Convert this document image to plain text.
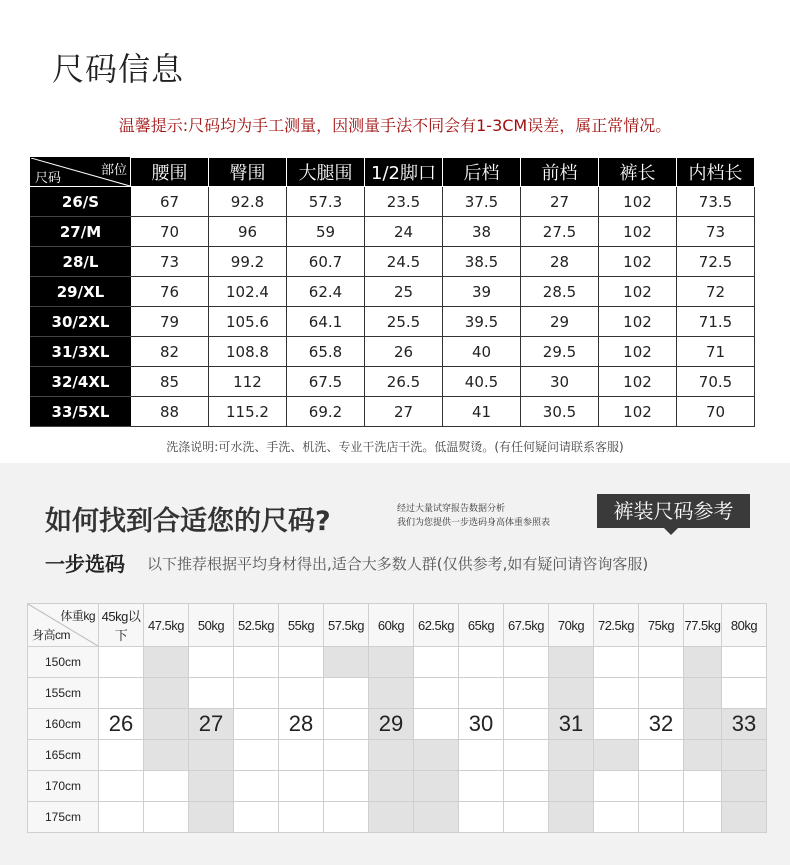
尺码信息
温馨提示:尺码均为手工测量，因测量手法不同会有1-3CM误差，属正常情况。
部位
尺码	腰围	臀围	大腿围	1/2脚口	后档	前档	裤长	内档长
26/S	67	92.8	57.3	23.5	37.5	27	102	73.5
27/M	70	96	59	24	38	27.5	102	73
28/L	73	99.2	60.7	24.5	38.5	28	102	72.5
29/XL	76	102.4	62.4	25	39	28.5	102	72
30/2XL	79	105.6	64.1	25.5	39.5	29	102	71.5
31/3XL	82	108.8	65.8	26	40	29.5	102	71
32/4XL	85	112	67.5	26.5	40.5	30	102	70.5
33/5XL	88	115.2	69.2	27	41	30.5	102	70
洗涤说明:可水洗、手洗、机洗、专业干洗店干洗。低温熨烫。(有任何疑问请联系客服)
如何找到合适您的尺码?	经过大量试穿报告数据分析
我们为您提供一步选码身高体重参照表	裤装尺码参考
一步选码 以下推荐根据平均身材得出,适合大多数人群(仅供参考,如有疑问请咨询客服)
体重kg
身高cm	45kg以下	47.5kg	50kg	52.5kg	55kg	57.5kg	60kg	62.5kg	65kg	67.5kg	70kg	72.5kg	75kg	77.5kg	80kg
150cm															
155cm															
160cm	26		27		28		29		30		31		32		33
165cm															
170cm															
175cm															
